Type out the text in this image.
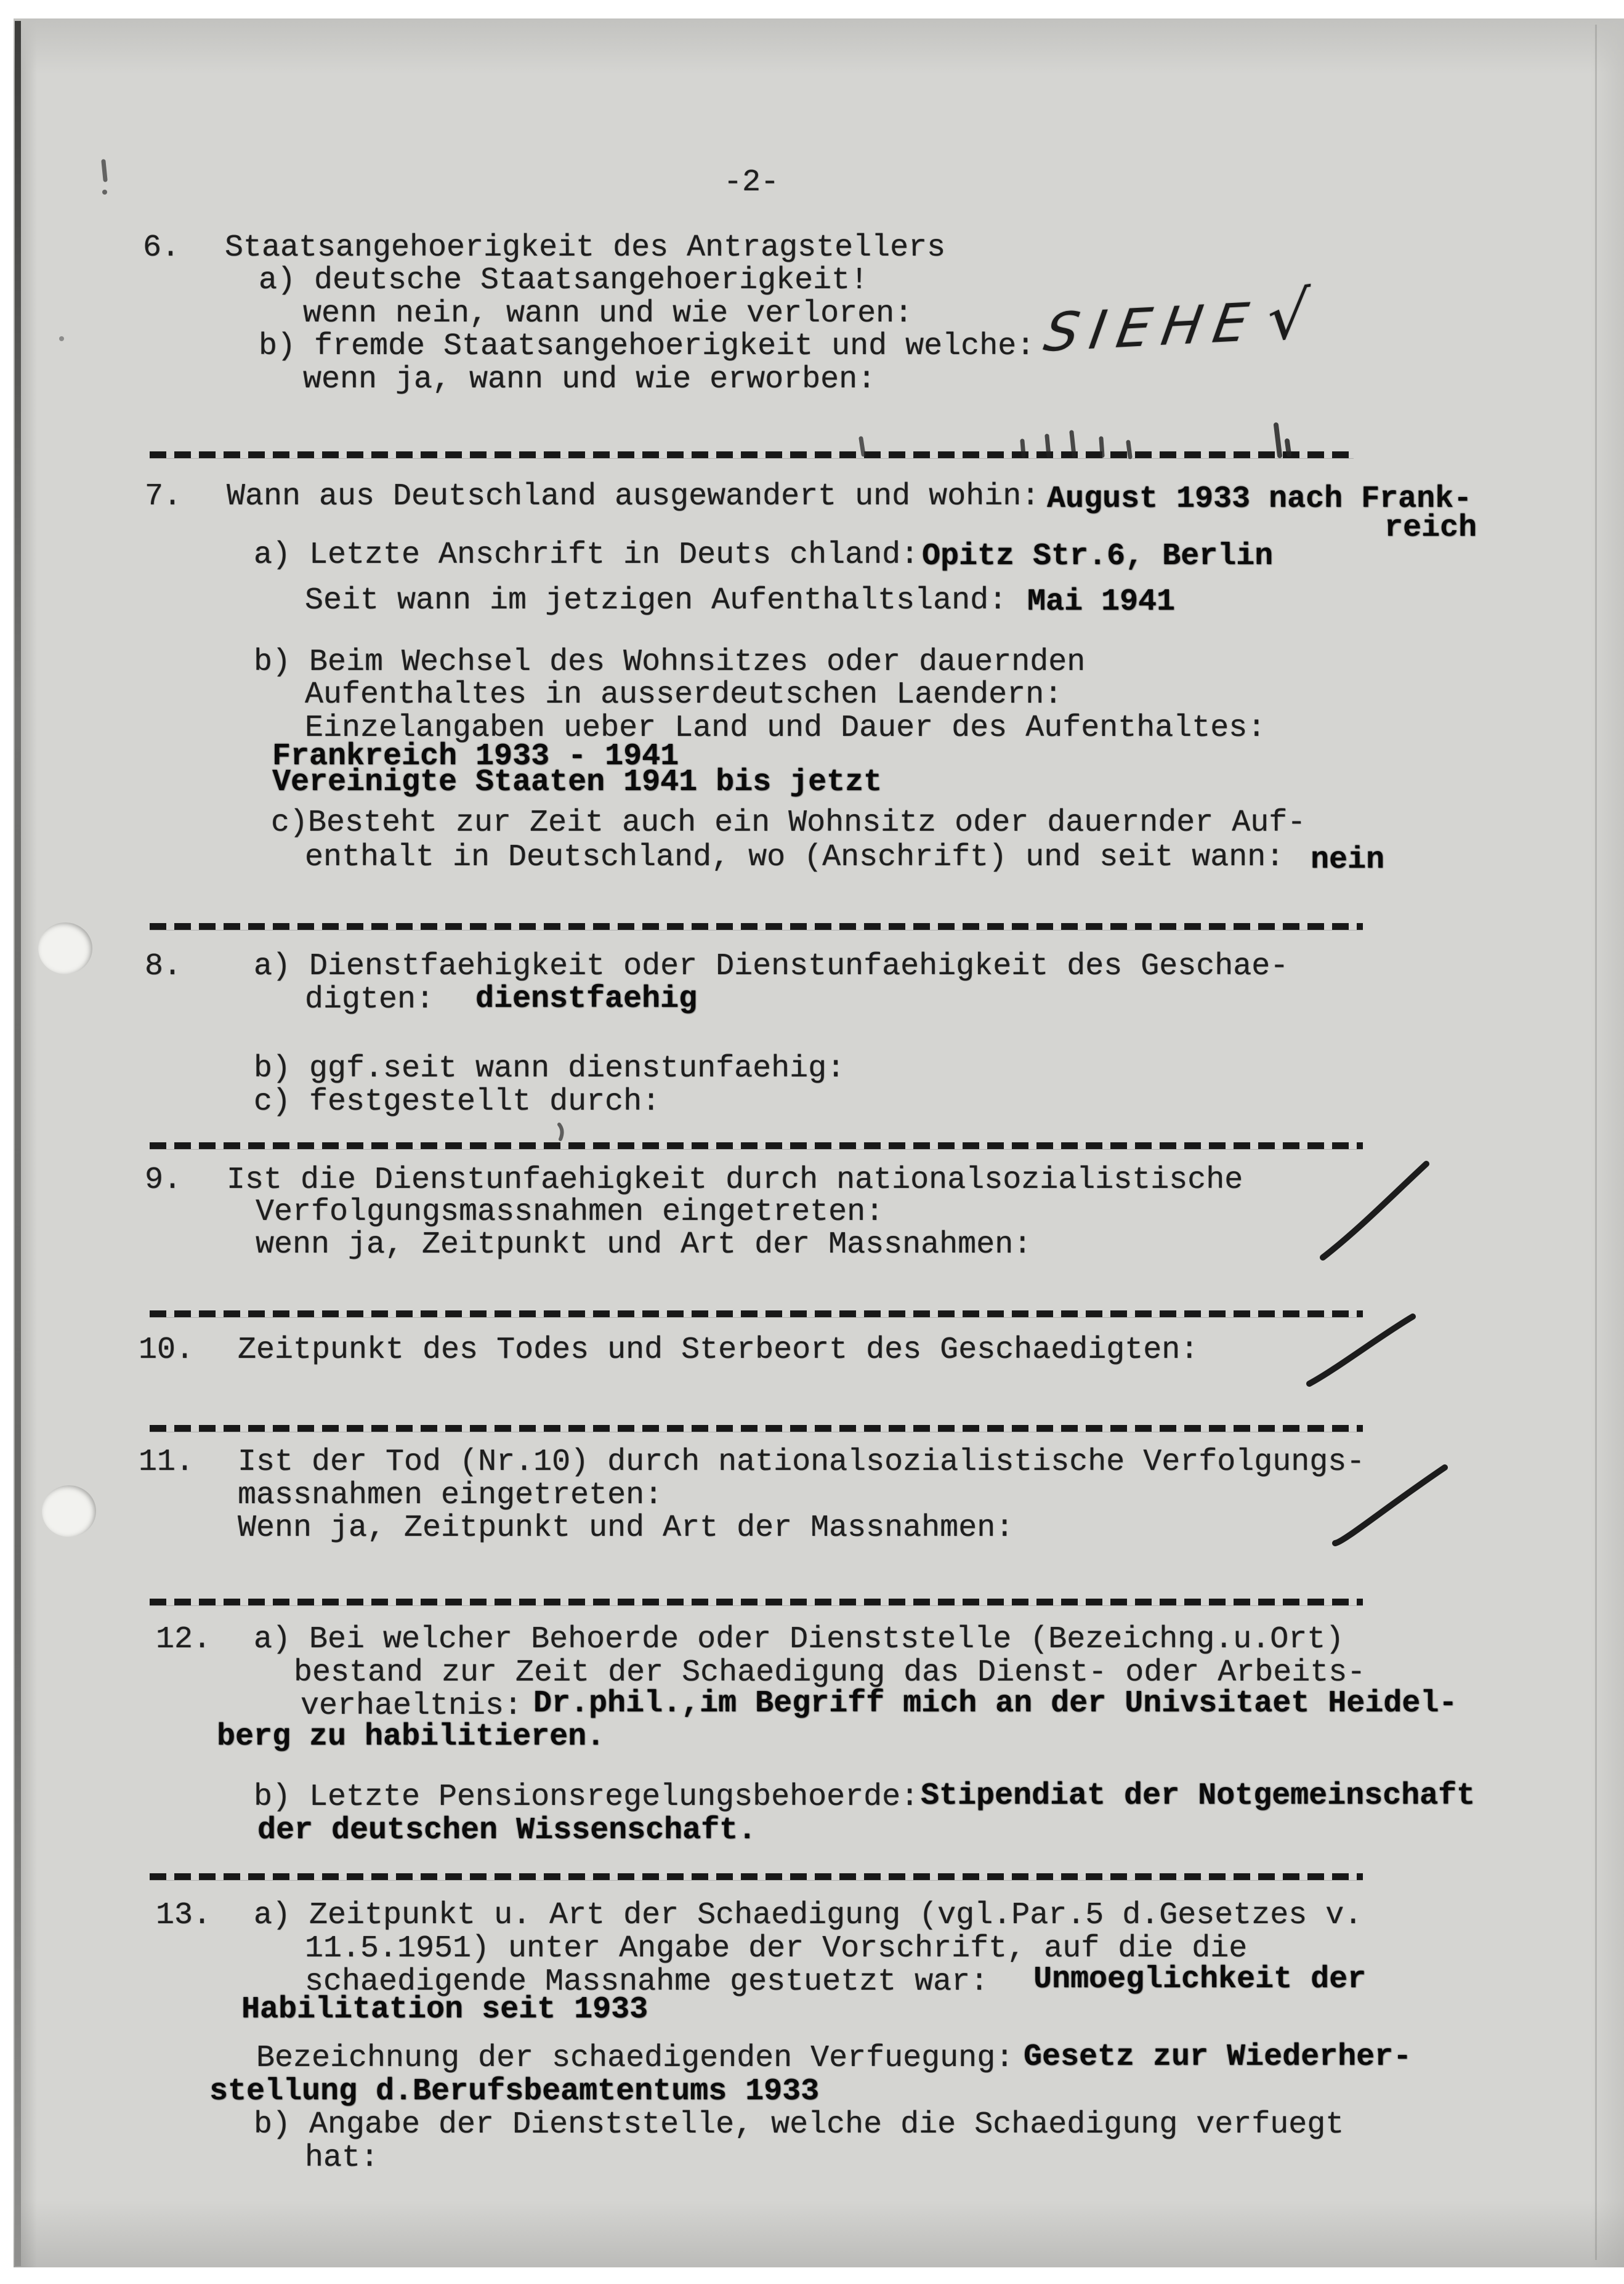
-2-
6. Staatsangehoerigkeit des Antragstellers
a) deutsche Staatsangehoerigkeit!
wenn nein, wann und wie verloren:
b) fremde Staatsangehoerigkeit und welche:
wenn ja, wann und wie erworben:
SIEHE√
7. Wann aus Deutschland ausgewandert und wohin: August 1933 nach Frank-
reich
a) Letzte Anschrift in Deuts chland: Opitz Str.6, Berlin
Seit wann im jetzigen Aufenthaltsland: Mai 1941
b) Beim Wechsel des Wohnsitzes oder dauernden
Aufenthaltes in ausserdeutschen Laendern:
Einzelangaben ueber Land und Dauer des Aufenthaltes:
Frankreich 1933 - 1941
Vereinigte Staaten 1941 bis jetzt
c)Besteht zur Zeit auch ein Wohnsitz oder dauernder Auf-
enthalt in Deutschland, wo (Anschrift) und seit wann: nein
8. a) Dienstfaehigkeit oder Dienstunfaehigkeit des Geschae-
digten: dienstfaehig
b) ggf.seit wann dienstunfaehig:
c) festgestellt durch:
9. Ist die Dienstunfaehigkeit durch nationalsozialistische
Verfolgungsmassnahmen eingetreten:
wenn ja, Zeitpunkt und Art der Massnahmen:
10. Zeitpunkt des Todes und Sterbeort des Geschaedigten:
11. Ist der Tod (Nr.10) durch nationalsozialistische Verfolgungs-
massnahmen eingetreten:
Wenn ja, Zeitpunkt und Art der Massnahmen:
12. a) Bei welcher Behoerde oder Dienststelle (Bezeichng.u.Ort)
bestand zur Zeit der Schaedigung das Dienst- oder Arbeits-
verhaeltnis: Dr.phil.,im Begriff mich an der Univsitaet Heidel-
berg zu habilitieren.
b) Letzte Pensionsregelungsbehoerde: Stipendiat der Notgemeinschaft
der deutschen Wissenschaft.
13. a) Zeitpunkt u. Art der Schaedigung (vgl.Par.5 d.Gesetzes v.
11.5.1951) unter Angabe der Vorschrift, auf die die
schaedigende Massnahme gestuetzt war: Unmoeglichkeit der
Habilitation seit 1933
Bezeichnung der schaedigenden Verfuegung: Gesetz zur Wiederher-
stellung d.Berufsbeamtentums 1933
b) Angabe der Dienststelle, welche die Schaedigung verfuegt
hat:
